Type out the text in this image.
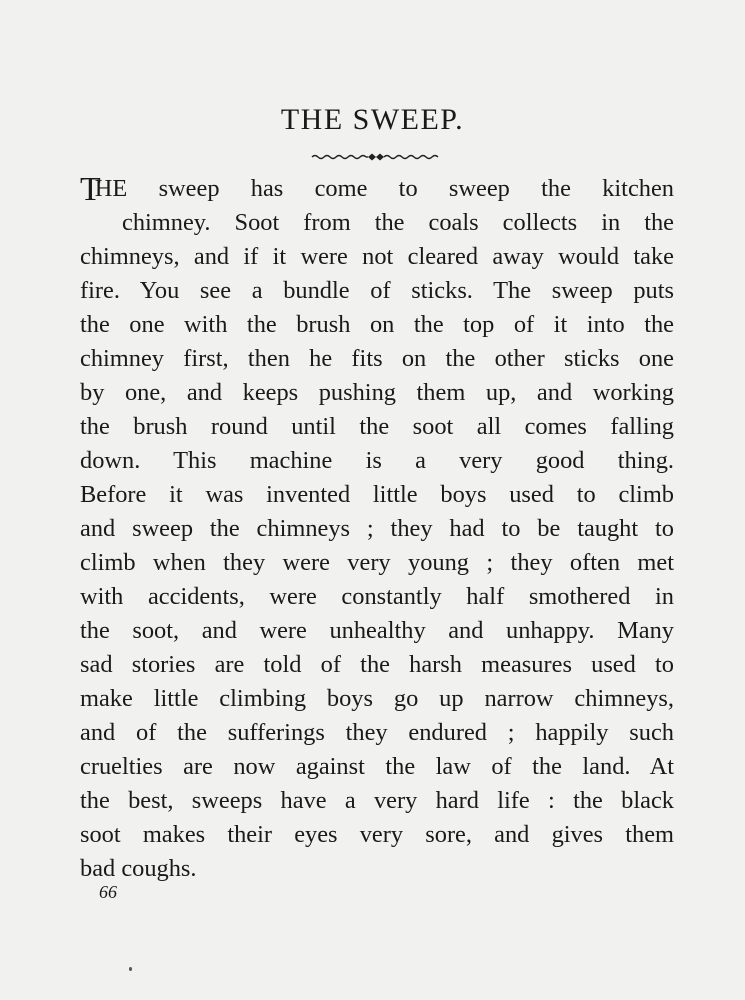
THE SWEEP.
THE sweep has come to sweep the kitchen
chimney. Soot from the coals collects in the
chimneys, and if it were not cleared away would take
fire. You see a bundle of sticks. The sweep puts
the one with the brush on the top of it into the
chimney first, then he fits on the other sticks one
by one, and keeps pushing them up, and working
the brush round until the soot all comes falling
down. This machine is a very good thing.
Before it was invented little boys used to climb
and sweep the chimneys ; they had to be taught to
climb when they were very young ; they often met
with accidents, were constantly half smothered in
the soot, and were unhealthy and unhappy. Many
sad stories are told of the harsh measures used to
make little climbing boys go up narrow chimneys,
and of the sufferings they endured ; happily such
cruelties are now against the law of the land. At
the best, sweeps have a very hard life : the black
soot makes their eyes very sore, and gives them
bad coughs.
66
